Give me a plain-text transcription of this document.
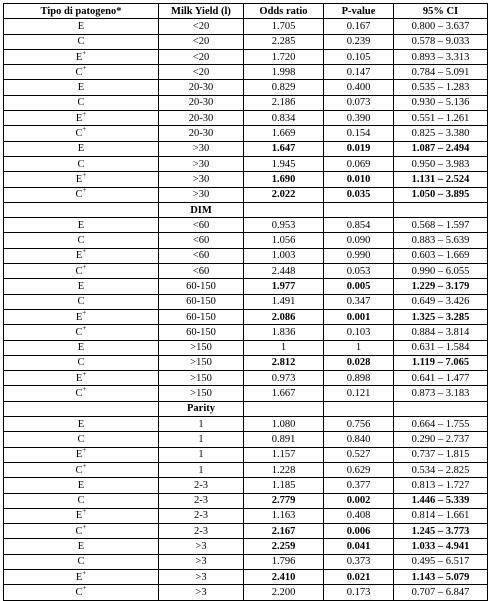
Tipo di patogeno*	Milk Yield (l)	Odds ratio	P-value	95% CI
E	<20	1.705	0.167	0.800 – 3.637
C	<20	2.285	0.239	0.578 – 9.033
E+	<20	1.720	0.105	0.893 – 3.313
C+	<20	1.998	0.147	0.784 – 5.091
E	20-30	0.829	0.400	0.535 – 1.283
C	20-30	2.186	0.073	0.930 – 5.136
E+	20-30	0.834	0.390	0.551 – 1.261
C+	20-30	1.669	0.154	0.825 – 3.380
E	>30	1.647	0.019	1.087 – 2.494
C	>30	1.945	0.069	0.950 – 3.983
E+	>30	1.690	0.010	1.131 – 2.524
C+	>30	2.022	0.035	1.050 – 3.895
	DIM			
E	<60	0.953	0.854	0.568 – 1.597
C	<60	1.056	0.090	0.883 – 5.639
E+	<60	1.003	0.990	0.603 – 1.669
C+	<60	2.448	0.053	0.990 – 6.055
E	60-150	1.977	0.005	1.229 – 3.179
C	60-150	1.491	0.347	0.649 – 3.426
E+	60-150	2.086	0.001	1.325 – 3.285
C+	60-150	1.836	0.103	0.884 – 3.814
E	>150	1	1	0.631 – 1.584
C	>150	2.812	0.028	1.119 – 7.065
E+	>150	0.973	0.898	0.641 – 1.477
C+	>150	1.667	0.121	0.873 – 3.183
	Parity			
E	1	1.080	0.756	0.664 – 1.755
C	1	0.891	0.840	0.290 – 2.737
E+	1	1.157	0.527	0.737 – 1.815
C+	1	1.228	0.629	0.534 – 2.825
E	2-3	1.185	0.377	0.813 – 1.727
C	2-3	2.779	0.002	1.446 – 5.339
E+	2-3	1.163	0.408	0.814 – 1.661
C+	2-3	2.167	0.006	1.245 – 3.773
E	>3	2.259	0.041	1.033 – 4.941
C	>3	1.796	0.373	0.495 – 6.517
E+	>3	2.410	0.021	1.143 – 5.079
C+	>3	2.200	0.173	0.707 – 6.847
